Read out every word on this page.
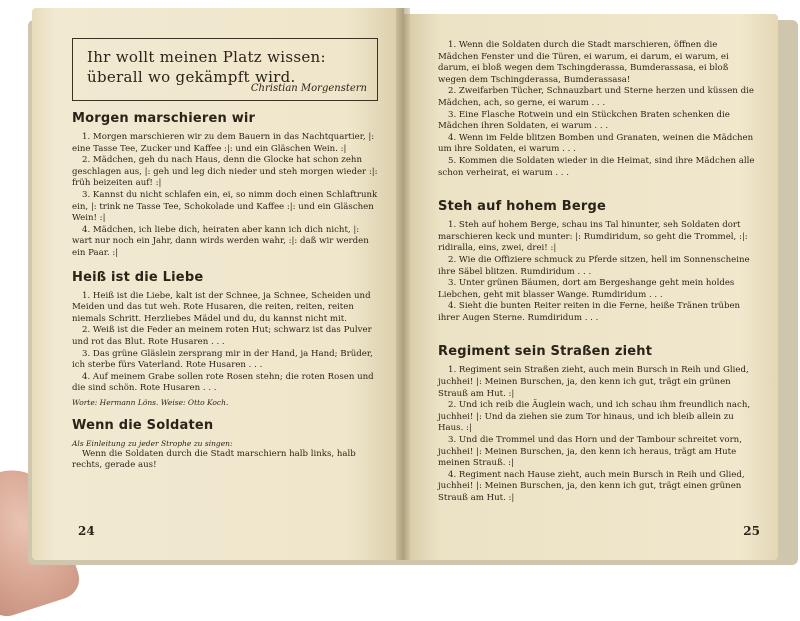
Ihr wollt meinen Platz wissen: überall wo gekämpft wird.
Christian Morgenstern
Morgen marschieren wir

1. Morgen marschieren wir zu dem Bauern in das Nachtquartier, |: eine Tasse Tee, Zucker und Kaffee :|: und ein Gläschen Wein. :|

2. Mädchen, geh du nach Haus, denn die Glocke hat schon zehn geschlagen aus, |: geh und leg dich nieder und steh morgen wieder :|: früh beizeiten auf! :|

3. Kannst du nicht schlafen ein, ei, so nimm doch einen Schlaftrunk ein, |: trink ne Tasse Tee, Schokolade und Kaffee :|: und ein Gläschen Wein! :|

4. Mädchen, ich liebe dich, heiraten aber kann ich dich nicht, |: wart nur noch ein Jahr, dann wirds werden wahr, :|: daß wir werden ein Paar. :|

Heiß ist die Liebe

1. Heiß ist die Liebe, kalt ist der Schnee, ja Schnee, Scheiden und Meiden und das tut weh. Rote Husaren, die reiten, reiten, reiten niemals Schritt. Herzliebes Mädel und du, du kannst nicht mit.

2. Weiß ist die Feder an meinem roten Hut; schwarz ist das Pulver und rot das Blut. Rote Husaren . . .

3. Das grüne Gläslein zersprang mir in der Hand, ja Hand; Brüder, ich sterbe fürs Vaterland. Rote Husaren . . .

4. Auf meinem Grabe sollen rote Rosen stehn; die roten Rosen und die sind schön. Rote Husaren . . .

Worte: Hermann Löns. Weise: Otto Koch.
Wenn die Soldaten
Als Einleitung zu jeder Strophe zu singen:

Wenn die Soldaten durch die Stadt marschiern halb links, halb rechts, gerade aus!

24

1. Wenn die Soldaten durch die Stadt marschieren, öffnen die Mädchen Fenster und die Türen, ei warum, ei darum, ei warum, ei darum, ei bloß wegen dem Tschingderassa, Bumderassasa, ei bloß wegen dem Tschingderassa, Bumderassasa!

2. Zweifarben Tücher, Schnauzbart und Sterne herzen und küssen die Mädchen, ach, so gerne, ei warum . . .

3. Eine Flasche Rotwein und ein Stückchen Braten schenken die Mädchen ihren Soldaten, ei warum . . .

4. Wenn im Felde blitzen Bomben und Granaten, weinen die Mädchen um ihre Soldaten, ei warum . . .

5. Kommen die Soldaten wieder in die Heimat, sind ihre Mädchen alle schon verheirat, ei warum . . .

Steh auf hohem Berge

1. Steh auf hohem Berge, schau ins Tal hinunter, seh Soldaten dort marschieren keck und munter: |: Rumdiridum, so geht die Trommel, :|: ridiralla, eins, zwei, drei! :|

2. Wie die Offiziere schmuck zu Pferde sitzen, hell im Sonnenscheine ihre Säbel blitzen. Rumdiridum . . .

3. Unter grünen Bäumen, dort am Bergeshange geht mein holdes Liebchen, geht mit blasser Wange. Rumdiridum . . .

4. Sieht die bunten Reiter reiten in die Ferne, heiße Tränen trüben ihrer Augen Sterne. Rumdiridum . . .

Regiment sein Straßen zieht

1. Regiment sein Straßen zieht, auch mein Bursch in Reih und Glied, juchhei! |: Meinen Burschen, ja, den kenn ich gut, trägt ein grünen Strauß am Hut. :|

2. Und ich reib die Äuglein wach, und ich schau ihm freundlich nach, juchhei! |: Und da ziehen sie zum Tor hinaus, und ich bleib allein zu Haus. :|

3. Und die Trommel und das Horn und der Tambour schreitet vorn, juchhei! |: Meinen Burschen, ja, den kenn ich heraus, trägt am Hute meinen Strauß. :|

4. Regiment nach Hause zieht, auch mein Bursch in Reih und Glied, juchhei! |: Meinen Burschen, ja, den kenn ich gut, trägt einen grünen Strauß am Hut. :|

25
